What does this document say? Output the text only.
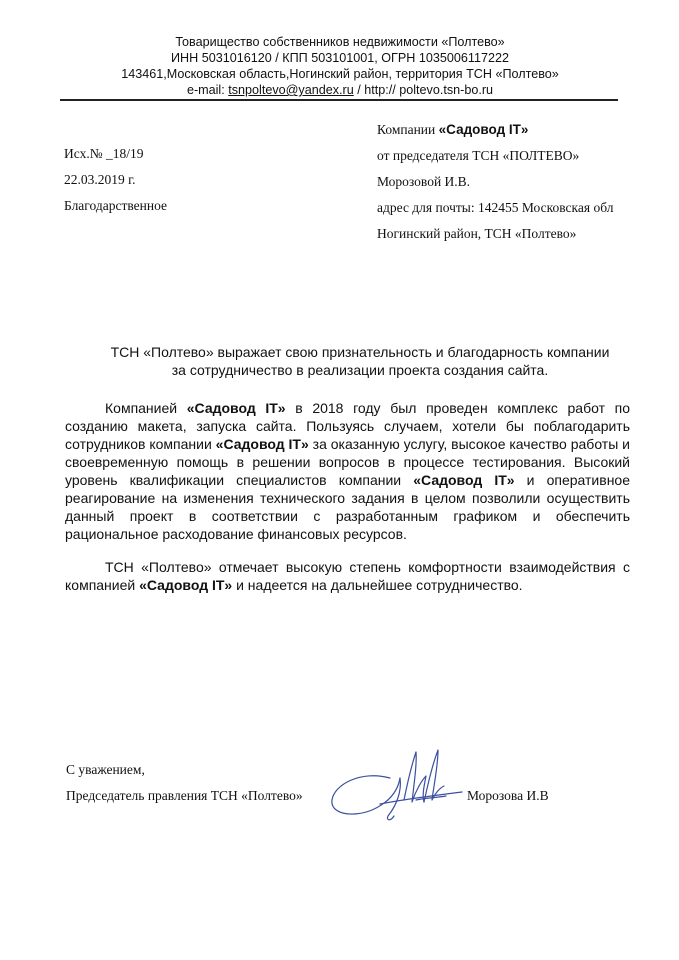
Товарищество собственников недвижимости «Полтево»
ИНН 5031016120 / КПП 503101001, ОГРН 1035006117222
143461,Московская область,Ногинский район, территория ТСН «Полтево»
e-mail: tsnpoltevo@yandex.ru / http:// poltevo.tsn-bo.ru
Исх.№ _18/19
22.03.2019 г.
Благодарственное
Компании «Садовод IT»
от председателя ТСН «ПОЛТЕВО»
Морозовой И.В.
адрес для почты: 142455 Московская обл
Ногинский район, ТСН «Полтево»
ТСН «Полтево» выражает свою признательность и благодарность компании
за сотрудничество в реализации проекта создания сайта.
Компанией «Садовод IT» в 2018 году был проведен комплекс работ по созданию макета, запуска сайта. Пользуясь случаем, хотели бы поблагодарить сотрудников компании «Садовод IT» за оказанную услугу, высокое качество работы и своевременную помощь в решении вопросов в процессе тестирования. Высокий уровень квалификации специалистов компании «Садовод IT» и оперативное реагирование на изменения технического задания в целом позволили осуществить данный проект в соответствии с разработанным графиком и обеспечить рациональное расходование финансовых ресурсов.
ТСН «Полтево» отмечает высокую степень комфортности взаимодействия с компанией «Садовод IT» и надеется на дальнейшее сотрудничество.
С уважением,
Председатель правления ТСН «Полтево»	Морозова И.В
